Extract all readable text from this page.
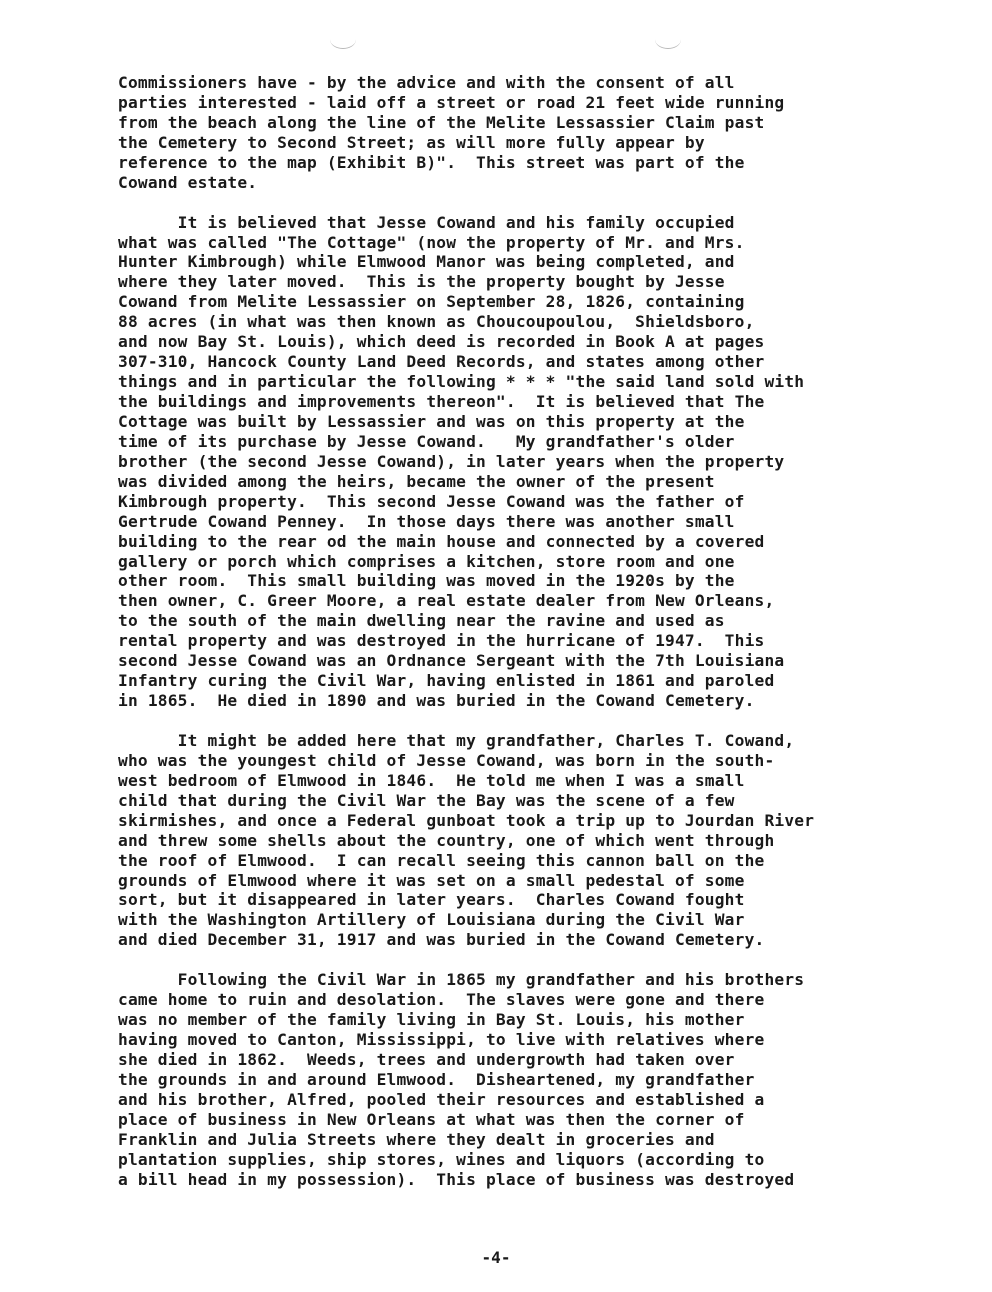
Commissioners have - by the advice and with the consent of all
parties interested - laid off a street or road 21 feet wide running
from the beach along the line of the Melite Lessassier Claim past
the Cemetery to Second Street; as will more fully appear by
reference to the map (Exhibit B)".  This street was part of the
Cowand estate.
It is believed that Jesse Cowand and his family occupied
what was called "The Cottage" (now the property of Mr. and Mrs.
Hunter Kimbrough) while Elmwood Manor was being completed, and
where they later moved.  This is the property bought by Jesse
Cowand from Melite Lessassier on September 28, 1826, containing
88 acres (in what was then known as Choucoupoulou,  Shieldsboro,
and now Bay St. Louis), which deed is recorded in Book A at pages
307-310, Hancock County Land Deed Records, and states among other
things and in particular the following * * * "the said land sold with
the buildings and improvements thereon".  It is believed that The
Cottage was built by Lessassier and was on this property at the
time of its purchase by Jesse Cowand.   My grandfather's older
brother (the second Jesse Cowand), in later years when the property
was divided among the heirs, became the owner of the present
Kimbrough property.  This second Jesse Cowand was the father of
Gertrude Cowand Penney.  In those days there was another small
building to the rear od the main house and connected by a covered
gallery or porch which comprises a kitchen, store room and one
other room.  This small building was moved in the 1920s by the
then owner, C. Greer Moore, a real estate dealer from New Orleans,
to the south of the main dwelling near the ravine and used as
rental property and was destroyed in the hurricane of 1947.  This
second Jesse Cowand was an Ordnance Sergeant with the 7th Louisiana
Infantry curing the Civil War, having enlisted in 1861 and paroled
in 1865.  He died in 1890 and was buried in the Cowand Cemetery.
It might be added here that my grandfather, Charles T. Cowand,
who was the youngest child of Jesse Cowand, was born in the south-
west bedroom of Elmwood in 1846.  He told me when I was a small
child that during the Civil War the Bay was the scene of a few
skirmishes, and once a Federal gunboat took a trip up to Jourdan River
and threw some shells about the country, one of which went through
the roof of Elmwood.  I can recall seeing this cannon ball on the
grounds of Elmwood where it was set on a small pedestal of some
sort, but it disappeared in later years.  Charles Cowand fought
with the Washington Artillery of Louisiana during the Civil War
and died December 31, 1917 and was buried in the Cowand Cemetery.
Following the Civil War in 1865 my grandfather and his brothers
came home to ruin and desolation.  The slaves were gone and there
was no member of the family living in Bay St. Louis, his mother
having moved to Canton, Mississippi, to live with relatives where
she died in 1862.  Weeds, trees and undergrowth had taken over
the grounds in and around Elmwood.  Disheartened, my grandfather
and his brother, Alfred, pooled their resources and established a
place of business in New Orleans at what was then the corner of
Franklin and Julia Streets where they dealt in groceries and
plantation supplies, ship stores, wines and liquors (according to
a bill head in my possession).  This place of business was destroyed
-4-
